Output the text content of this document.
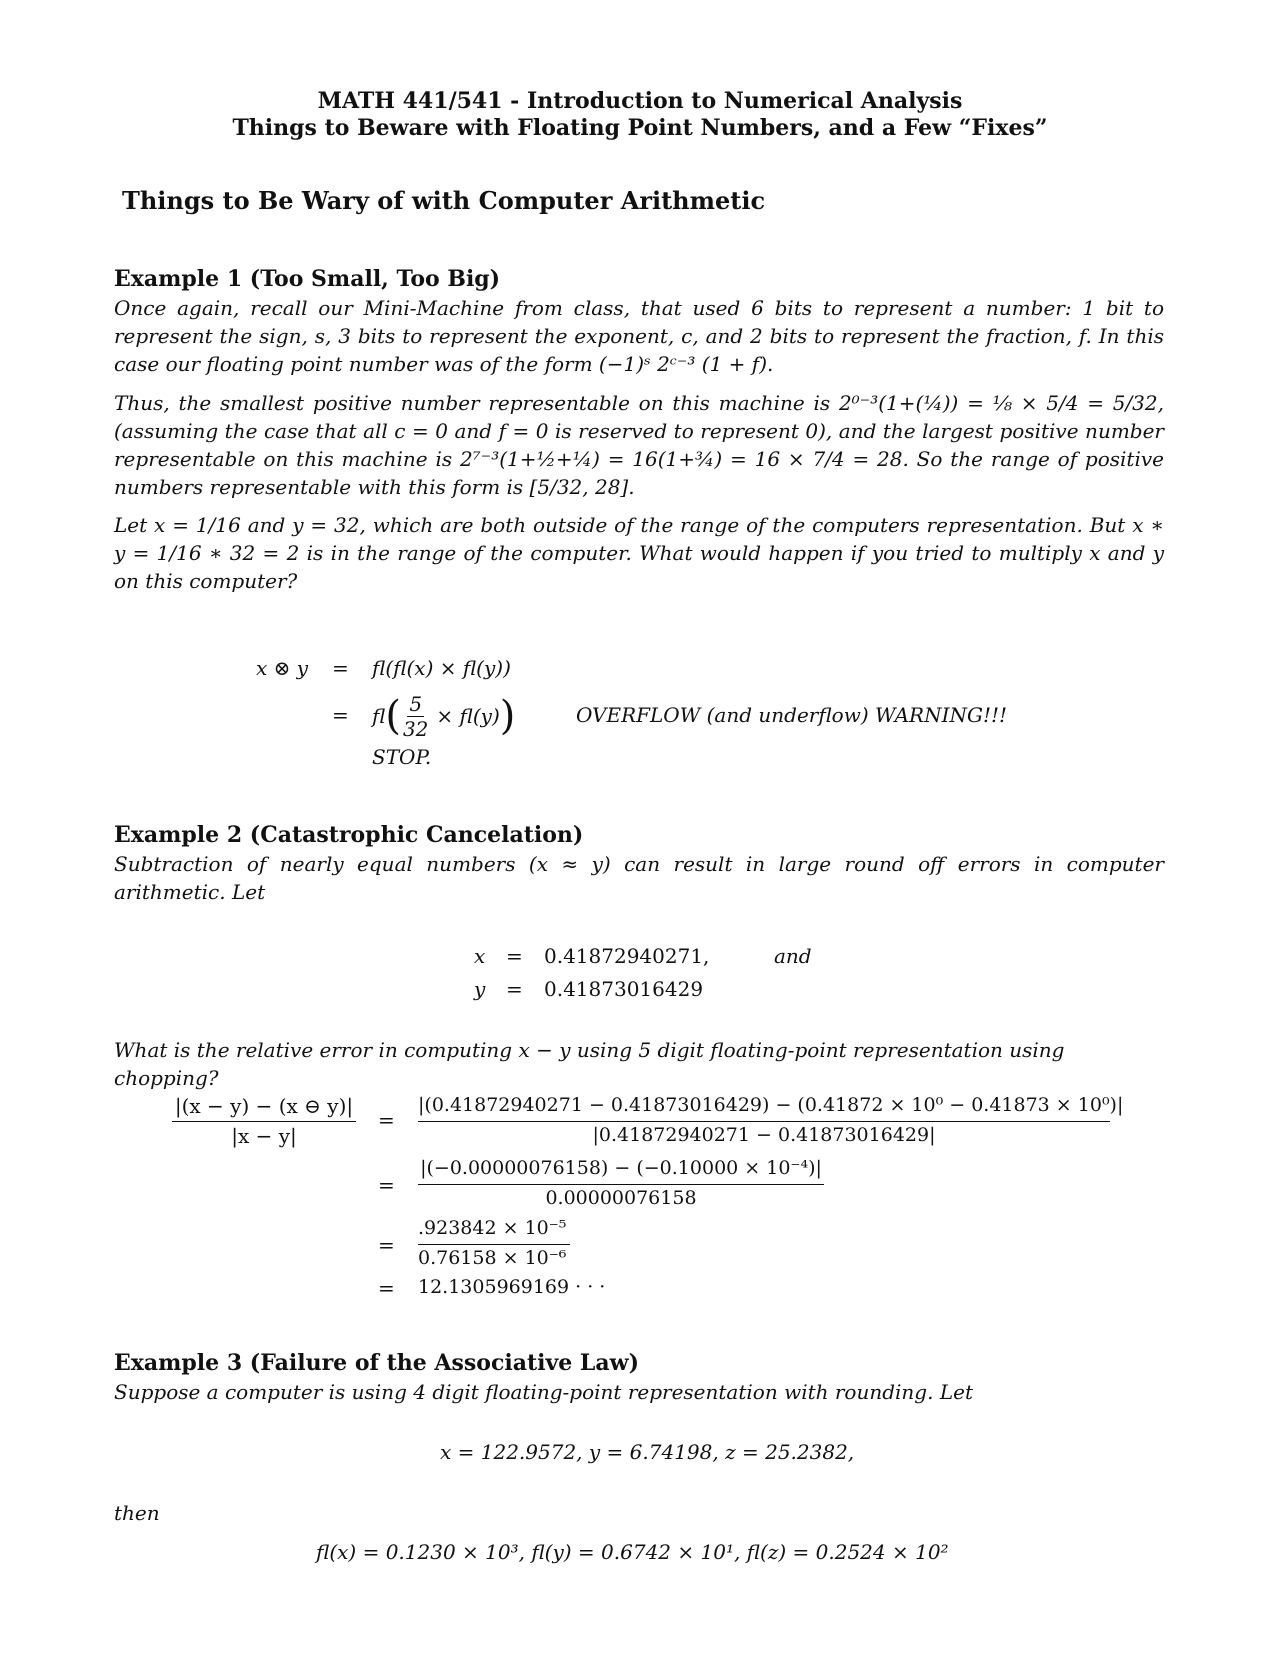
MATH 441/541 - Introduction to Numerical Analysis
Things to Beware with Floating Point Numbers, and a Few “Fixes”
Things to Be Wary of with Computer Arithmetic
Example 1 (Too Small, Too Big)
Once again, recall our Mini-Machine from class, that used 6 bits to represent a number: 1 bit to represent the sign, s, 3 bits to represent the exponent, c, and 2 bits to represent the fraction, f. In this case our floating point number was of the form (−1)ˢ 2ᶜ⁻³ (1 + f).
Thus, the smallest positive number representable on this machine is 2⁰⁻³(1+(¼)) = ⅛ × 5/4 = 5/32, (assuming the case that all c = 0 and f = 0 is reserved to represent 0), and the largest positive number representable on this machine is 2⁷⁻³(1+½+¼) = 16(1+¾) = 16 × 7/4 = 28. So the range of positive numbers representable with this form is [5/32, 28].
Let x = 1/16 and y = 32, which are both outside of the range of the computers representation. But x ∗ y = 1/16 ∗ 32 = 2 is in the range of the computer. What would happen if you tried to multiply x and y on this computer?
x ⊗ y = fl(fl(x) × fl(y))
= fl ( $\frac{5}{32} \times fl(y)$ )	OVERFLOW (and underflow) WARNING!!!
STOP.
Example 2 (Catastrophic Cancelation)
Subtraction of nearly equal numbers (x ≈ y) can result in large round off errors in computer arithmetic. Let
x = 0.41872940271,	and
y = 0.41873016429
What is the relative error in computing x − y using 5 digit floating-point representation using chopping?
|(x − y) − (x ⊖ y)|
|x − y|
=
|(0.41872940271 − 0.41873016429) − (0.41872 × 10⁰ − 0.41873 × 10⁰)|
|0.41872940271 − 0.41873016429|
=
|(−0.00000076158) − (−0.10000 × 10⁻⁴)|
0.00000076158
=
.923842 × 10⁻⁵
0.76158 × 10⁻⁶
= 12.1305969169 · · ·
Example 3 (Failure of the Associative Law)
Suppose a computer is using 4 digit floating-point representation with rounding. Let
x = 122.9572, y = 6.74198, z = 25.2382,
then
fl(x) = 0.1230 × 10³, fl(y) = 0.6742 × 10¹, fl(z) = 0.2524 × 10²
